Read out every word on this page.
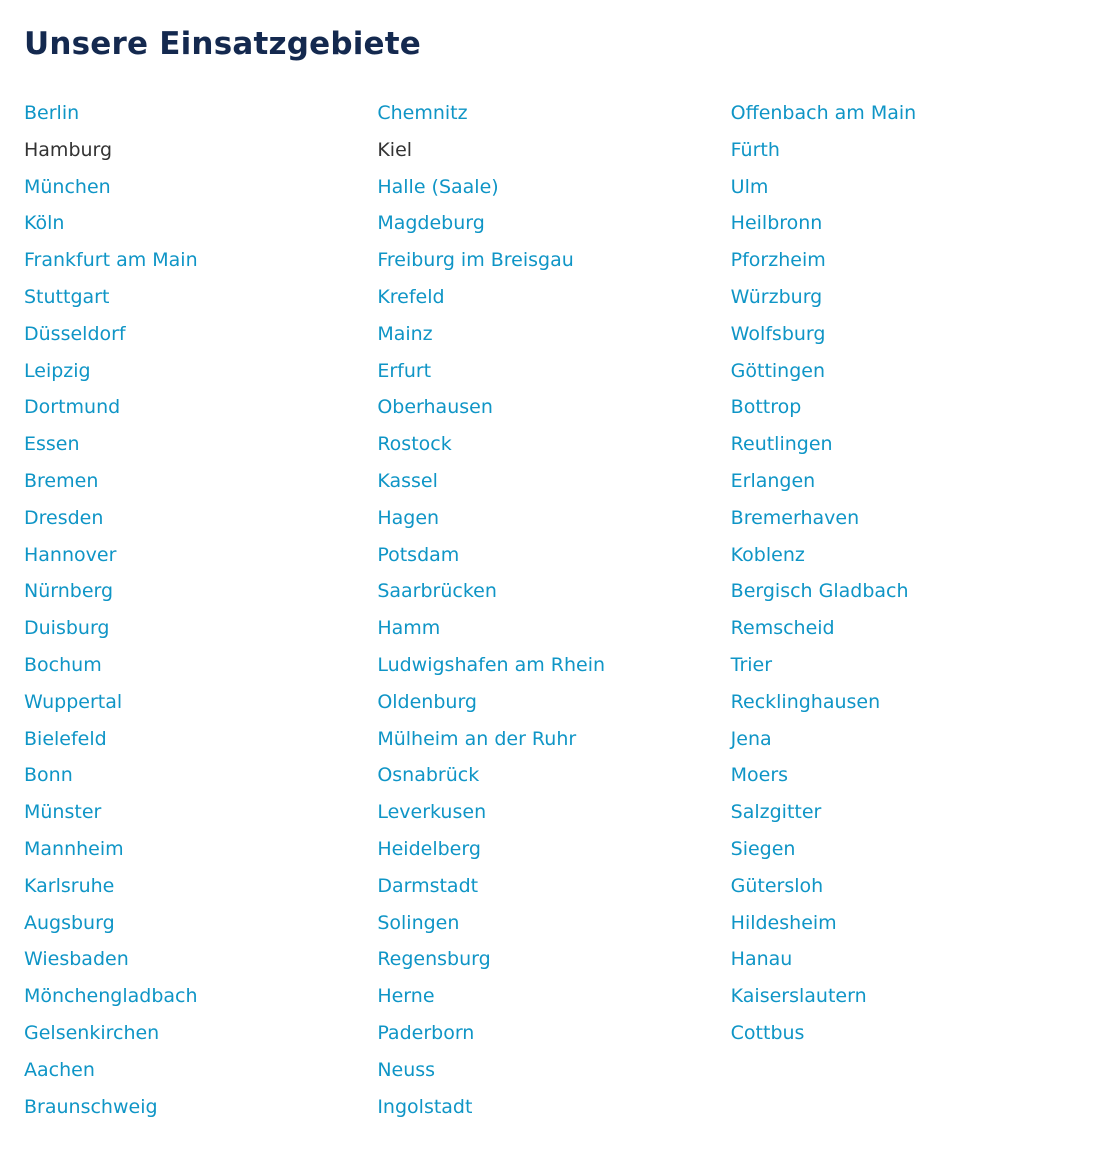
Unsere Einsatzgebiete
Berlin
Hamburg
München
Köln
Frankfurt am Main
Stuttgart
Düsseldorf
Leipzig
Dortmund
Essen
Bremen
Dresden
Hannover
Nürnberg
Duisburg
Bochum
Wuppertal
Bielefeld
Bonn
Münster
Mannheim
Karlsruhe
Augsburg
Wiesbaden
Mönchengladbach
Gelsenkirchen
Aachen
Braunschweig
Chemnitz
Kiel
Halle (Saale)
Magdeburg
Freiburg im Breisgau
Krefeld
Mainz
Erfurt
Oberhausen
Rostock
Kassel
Hagen
Potsdam
Saarbrücken
Hamm
Ludwigshafen am Rhein
Oldenburg
Mülheim an der Ruhr
Osnabrück
Leverkusen
Heidelberg
Darmstadt
Solingen
Regensburg
Herne
Paderborn
Neuss
Ingolstadt
Offenbach am Main
Fürth
Ulm
Heilbronn
Pforzheim
Würzburg
Wolfsburg
Göttingen
Bottrop
Reutlingen
Erlangen
Bremerhaven
Koblenz
Bergisch Gladbach
Remscheid
Trier
Recklinghausen
Jena
Moers
Salzgitter
Siegen
Gütersloh
Hildesheim
Hanau
Kaiserslautern
Cottbus
